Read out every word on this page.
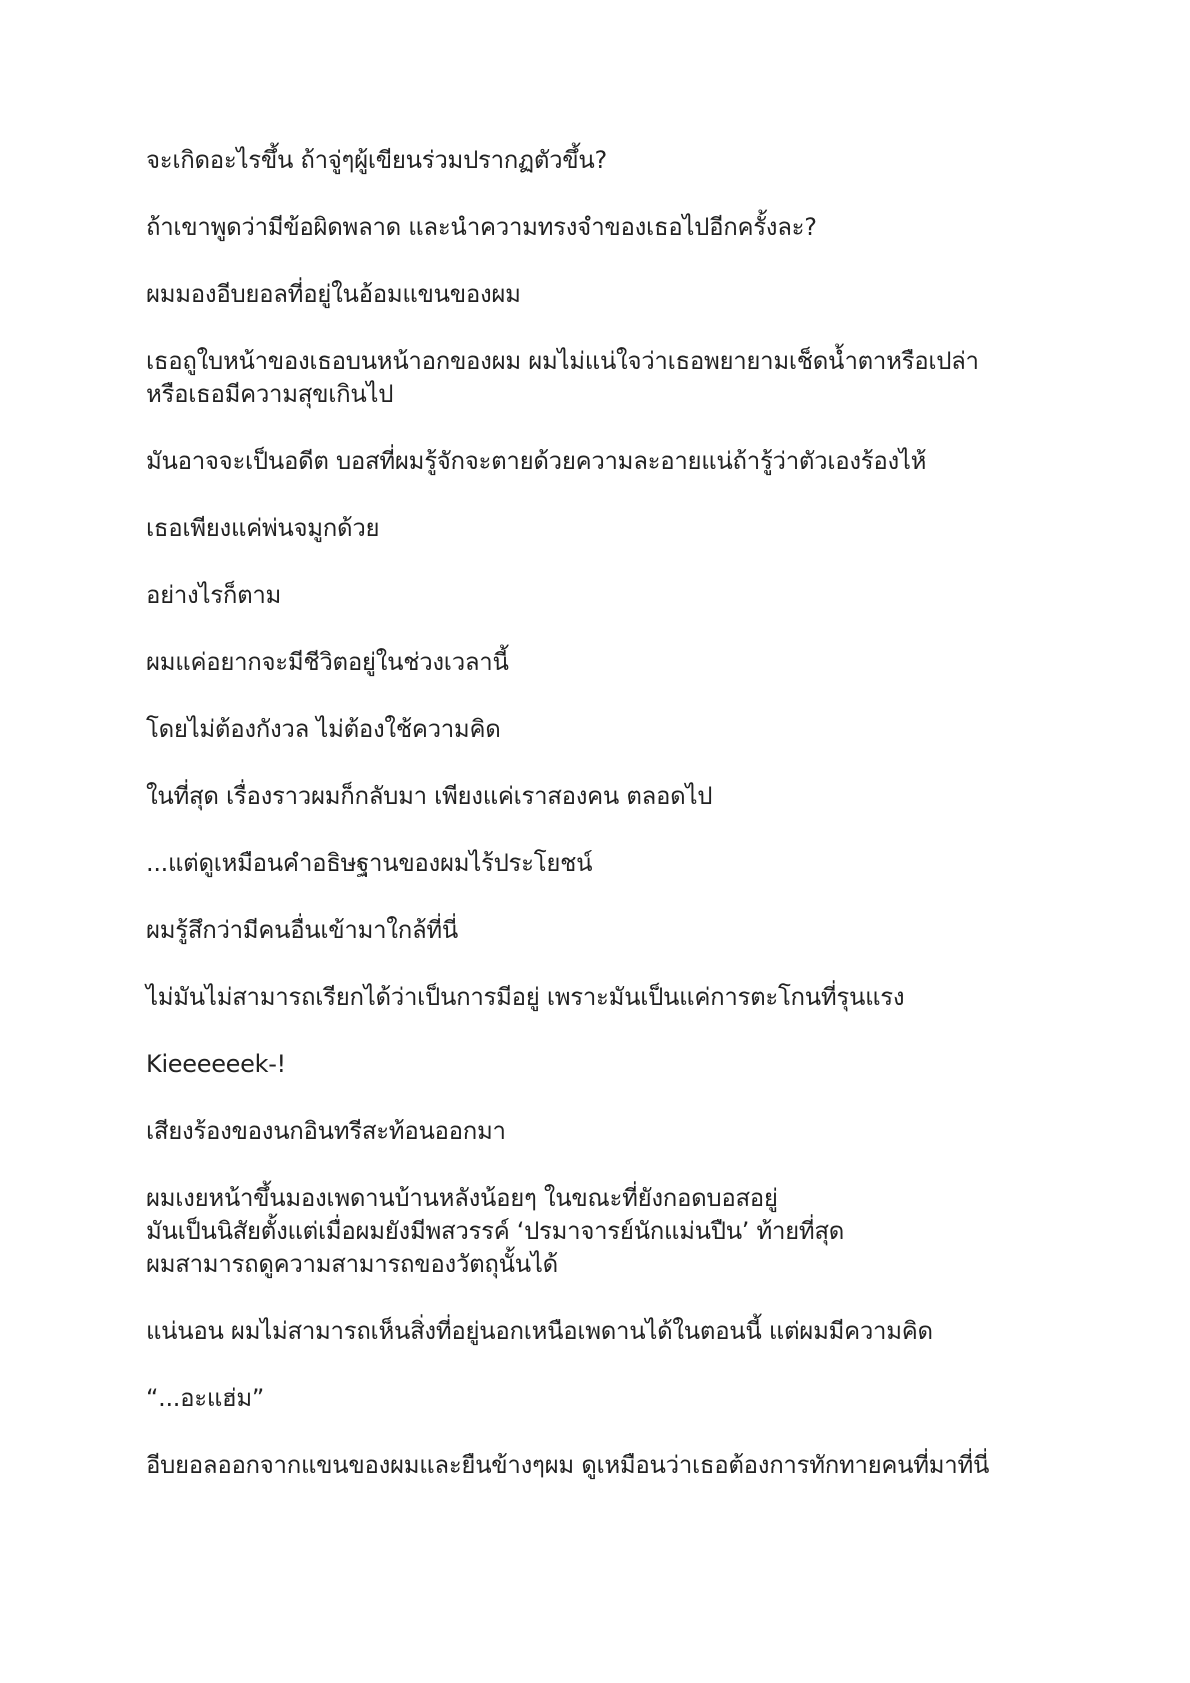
จะเกิดอะไรขึ้น ถ้าจู่ๆผู้เขียนร่วมปรากฏตัวขึ้น?

ถ้าเขาพูดว่ามีข้อผิดพลาด และนำความทรงจำของเธอไปอีกครั้งละ?

ผมมองอีบยอลที่อยู่ในอ้อมแขนของผม

เธอถูใบหน้าของเธอบนหน้าอกของผม ผมไม่แน่ใจว่าเธอพยายามเช็ดน้ำตาหรือเปล่า
หรือเธอมีความสุขเกินไป

มันอาจจะเป็นอดีต บอสที่ผมรู้จักจะตายด้วยความละอายแน่ถ้ารู้ว่าตัวเองร้องไห้

เธอเพียงแค่พ่นจมูกด้วย

อย่างไรก็ตาม

ผมแค่อยากจะมีชีวิตอยู่ในช่วงเวลานี้

โดยไม่ต้องกังวล ไม่ต้องใช้ความคิด

ในที่สุด เรื่องราวผมก็กลับมา เพียงแค่เราสองคน ตลอดไป

...แต่ดูเหมือนคำอธิษฐานของผมไร้ประโยชน์

ผมรู้สึกว่ามีคนอื่นเข้ามาใกล้ที่นี่

ไม่มันไม่สามารถเรียกได้ว่าเป็นการมีอยู่ เพราะมันเป็นแค่การตะโกนที่รุนแรง

Kieeeeeek-!

เสียงร้องของนกอินทรีสะท้อนออกมา

ผมเงยหน้าขึ้นมองเพดานบ้านหลังน้อยๆ ในขณะที่ยังกอดบอสอยู่
มันเป็นนิสัยตั้งแต่เมื่อผมยังมีพสวรรค์ ‘ปรมาจารย์นักแม่นปืน’ ท้ายที่สุด
ผมสามารถดูความสามารถของวัตถุนั้นได้

แน่นอน ผมไม่สามารถเห็นสิ่งที่อยู่นอกเหนือเพดานได้ในตอนนี้ แต่ผมมีความคิด

“...อะแฮ่ม”

อีบยอลออกจากแขนของผมและยืนข้างๆผม ดูเหมือนว่าเธอต้องการทักทายคนที่มาที่นี่
